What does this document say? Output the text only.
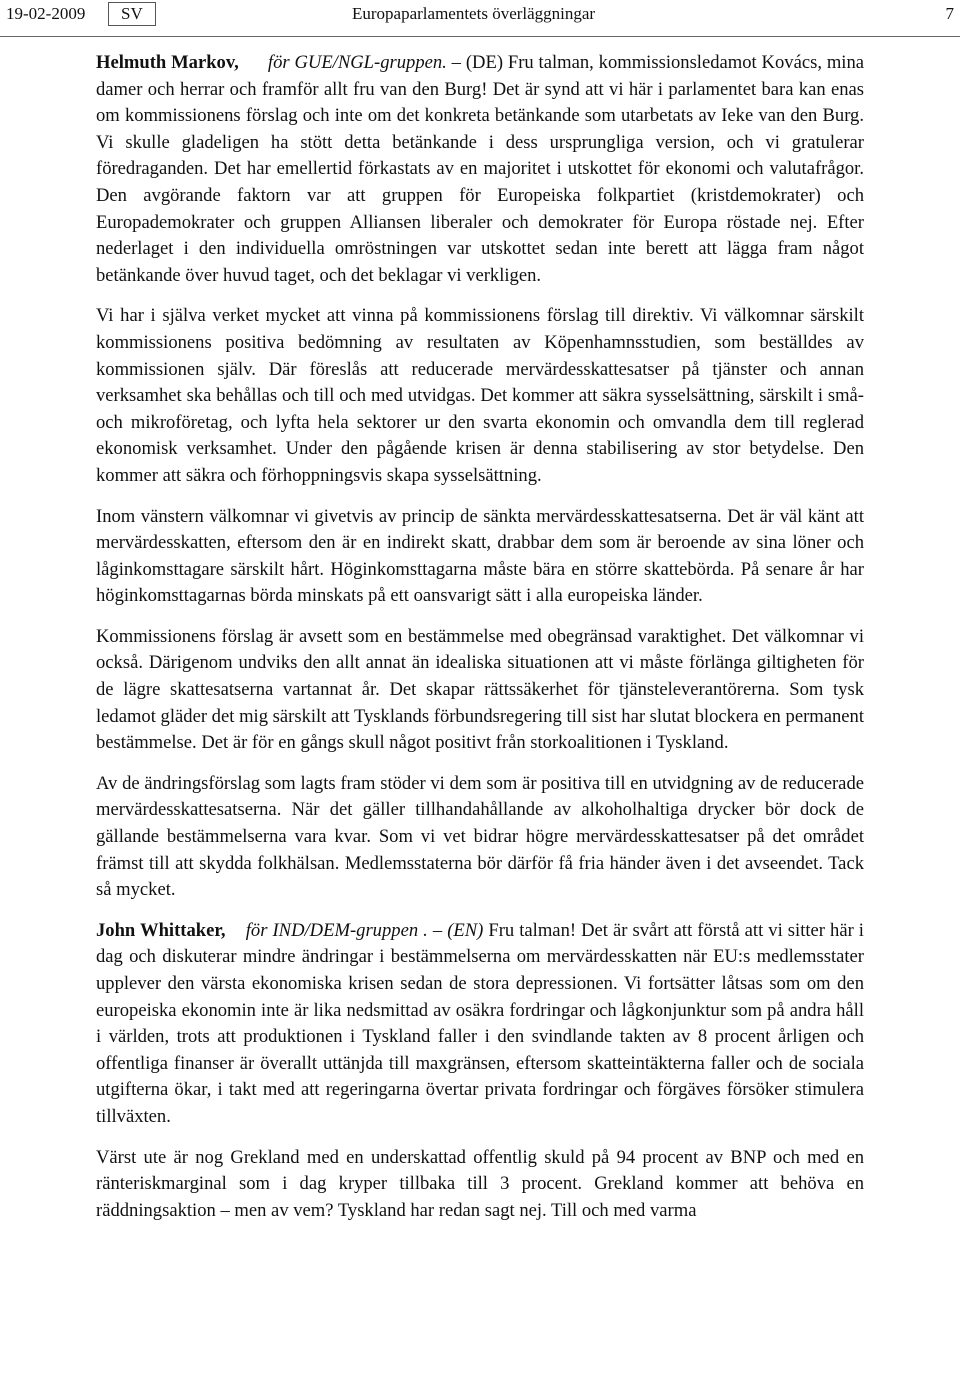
19-02-2009	SV	Europaparlamentets överläggningar	7

Helmuth Markov, för GUE/NGL-gruppen. – (DE) Fru talman, kommissionsledamot Kovács, mina damer och herrar och framför allt fru van den Burg! Det är synd att vi här i parlamentet bara kan enas om kommissionens förslag och inte om det konkreta betänkande som utarbetats av Ieke van den Burg. Vi skulle gladeligen ha stött detta betänkande i dess ursprungliga version, och vi gratulerar föredraganden. Det har emellertid förkastats av en majoritet i utskottet för ekonomi och valutafrågor. Den avgörande faktorn var att gruppen för Europeiska folkpartiet (kristdemokrater) och Europademokrater och gruppen Alliansen liberaler och demokrater för Europa röstade nej. Efter nederlaget i den individuella omröstningen var utskottet sedan inte berett att lägga fram något betänkande över huvud taget, och det beklagar vi verkligen.

Vi har i själva verket mycket att vinna på kommissionens förslag till direktiv. Vi välkomnar särskilt kommissionens positiva bedömning av resultaten av Köpenhamnsstudien, som beställdes av kommissionen själv. Där föreslås att reducerade mervärdesskattesatser på tjänster och annan verksamhet ska behållas och till och med utvidgas. Det kommer att säkra sysselsättning, särskilt i små- och mikroföretag, och lyfta hela sektorer ur den svarta ekonomin och omvandla dem till reglerad ekonomisk verksamhet. Under den pågående krisen är denna stabilisering av stor betydelse. Den kommer att säkra och förhoppningsvis skapa sysselsättning.

Inom vänstern välkomnar vi givetvis av princip de sänkta mervärdesskattesatserna. Det är väl känt att mervärdesskatten, eftersom den är en indirekt skatt, drabbar dem som är beroende av sina löner och låginkomsttagare särskilt hårt. Höginkomsttagarna måste bära en större skattebörda. På senare år har höginkomsttagarnas börda minskats på ett oansvarigt sätt i alla europeiska länder.

Kommissionens förslag är avsett som en bestämmelse med obegränsad varaktighet. Det välkomnar vi också. Därigenom undviks den allt annat än idealiska situationen att vi måste förlänga giltigheten för de lägre skattesatserna vartannat år. Det skapar rättssäkerhet för tjänsteleverantörerna. Som tysk ledamot gläder det mig särskilt att Tysklands förbundsregering till sist har slutat blockera en permanent bestämmelse. Det är för en gångs skull något positivt från storkoalitionen i Tyskland.

Av de ändringsförslag som lagts fram stöder vi dem som är positiva till en utvidgning av de reducerade mervärdesskattesatserna. När det gäller tillhandahållande av alkoholhaltiga drycker bör dock de gällande bestämmelserna vara kvar. Som vi vet bidrar högre mervärdesskattesatser på det området främst till att skydda folkhälsan. Medlemsstaterna bör därför få fria händer även i det avseendet. Tack så mycket.

John Whittaker, för IND/DEM-gruppen . – (EN) Fru talman! Det är svårt att förstå att vi sitter här i dag och diskuterar mindre ändringar i bestämmelserna om mervärdesskatten när EU:s medlemsstater upplever den värsta ekonomiska krisen sedan de stora depressionen. Vi fortsätter låtsas som om den europeiska ekonomin inte är lika nedsmittad av osäkra fordringar och lågkonjunktur som på andra håll i världen, trots att produktionen i Tyskland faller i den svindlande takten av 8 procent årligen och offentliga finanser är överallt uttänjda till maxgränsen, eftersom skatteintäkterna faller och de sociala utgifterna ökar, i takt med att regeringarna övertar privata fordringar och förgäves försöker stimulera tillväxten.

Värst ute är nog Grekland med en underskattad offentlig skuld på 94 procent av BNP och med en ränteriskmarginal som i dag kryper tillbaka till 3 procent. Grekland kommer att behöva en räddningsaktion – men av vem? Tyskland har redan sagt nej. Till och med varma
